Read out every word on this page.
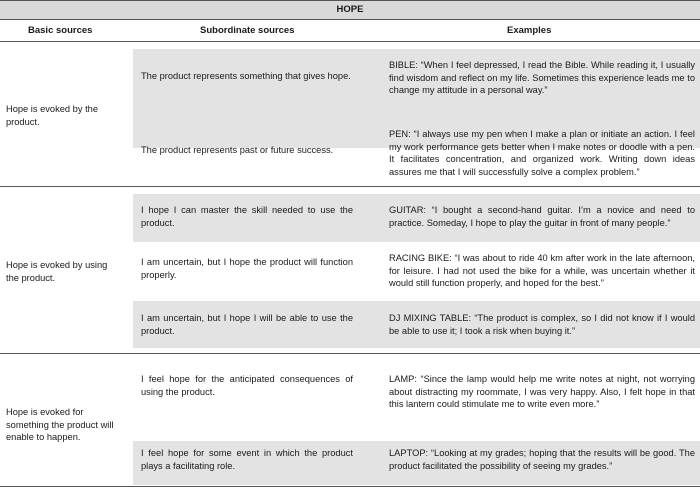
HOPE
Basic sources	Subordinate sources	Examples
Hope is evoked by the product.
The product represents something that gives hope.
BIBLE: “When I feel depressed, I read the Bible. While reading it, I usually find wisdom and reflect on my life. Sometimes this experience leads me to change my attitude in a personal way.”
The product represents past or future success.
PEN: “I always use my pen when I make a plan or initiate an action. I feel my work performance gets better when I make notes or doodle with a pen. It facilitates concentration, and organized work. Writing down ideas assures me that I will successfully solve a complex problem.”
Hope is evoked by using the product.
I hope I can master the skill needed to use the product.
GUITAR: “I bought a second-hand guitar. I’m a novice and need to practice. Someday, I hope to play the guitar in front of many people.”
I am uncertain, but I hope the product will function properly.
RACING BIKE: “I was about to ride 40 km after work in the late afternoon, for leisure. I had not used the bike for a while, was uncertain whether it would still function properly, and hoped for the best.”
I am uncertain, but I hope I will be able to use the product.
DJ MIXING TABLE: “The product is complex, so I did not know if I would be able to use it; I took a risk when buying it.”
Hope is evoked for something the product will enable to happen.
I feel hope for the anticipated consequences of using the product.
LAMP: “Since the lamp would help me write notes at night, not worrying about distracting my roommate, I was very happy. Also, I felt hope in that this lantern could stimulate me to write even more.”
I feel hope for some event in which the product plays a facilitating role.
LAPTOP: “Looking at my grades; hoping that the results will be good. The product facilitated the possibility of seeing my grades.”
